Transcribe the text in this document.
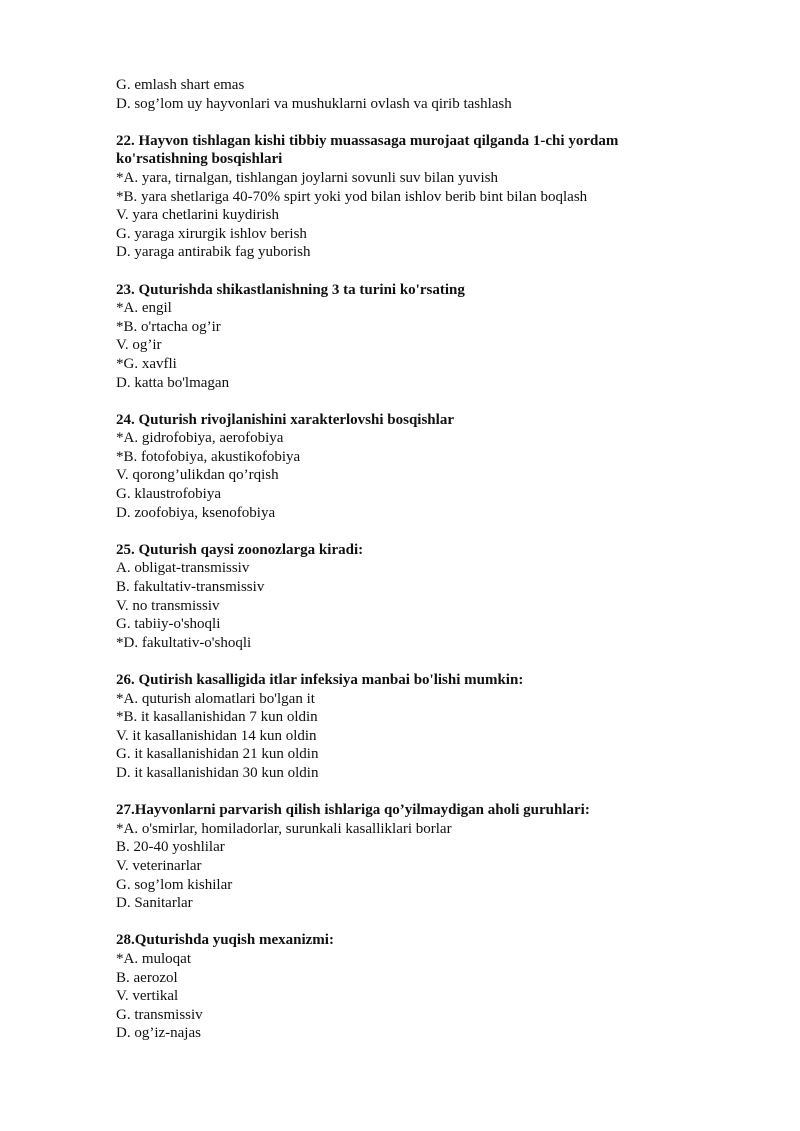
G. emlash shart emas
D. sog’lom uy hayvonlari va mushuklarni ovlash va qirib tashlash
22. Hayvon tishlagan kishi tibbiy muassasaga murojaat qilganda 1-chi yordam
ko'rsatishning bosqishlari
*A. yara, tirnalgan, tishlangan joylarni sovunli suv bilan yuvish
*B. yara shetlariga 40-70% spirt yoki yod bilan ishlov berib bint bilan boqlash
V. yara chetlarini kuydirish
G. yaraga xirurgik ishlov berish
D. yaraga antirabik fag yuborish
23. Quturishda shikastlanishning 3 ta turini ko'rsating
*A. engil
*B. o'rtacha og’ir
V. og’ir
*G. xavfli
D. katta bo'lmagan
24. Quturish rivojlanishini xarakterlovshi bosqishlar
*A. gidrofobiya, aerofobiya
*B. fotofobiya, akustikofobiya
V. qorong’ulikdan qo’rqish
G. klaustrofobiya
D. zoofobiya, ksenofobiya
25. Quturish qaysi zoonozlarga kiradi:
A. obligat-transmissiv
B. fakultativ-transmissiv
V. no transmissiv
G. tabiiy-o'shoqli
*D. fakultativ-o'shoqli
26. Qutirish kasalligida itlar infeksiya manbai bo'lishi mumkin:
*A. quturish alomatlari bo'lgan it
*B. it kasallanishidan 7 kun oldin
V. it kasallanishidan 14 kun oldin
G. it kasallanishidan 21 kun oldin
D. it kasallanishidan 30 kun oldin
27.Hayvonlarni parvarish qilish ishlariga qo’yilmaydigan aholi guruhlari:
*A. o'smirlar, homiladorlar, surunkali kasalliklari borlar
B. 20-40 yoshlilar
V. veterinarlar
G. sog’lom kishilar
D. Sanitarlar
28.Quturishda yuqish mexanizmi:
*A. muloqat
B. aerozol
V. vertikal
G. transmissiv
D. og’iz-najas
